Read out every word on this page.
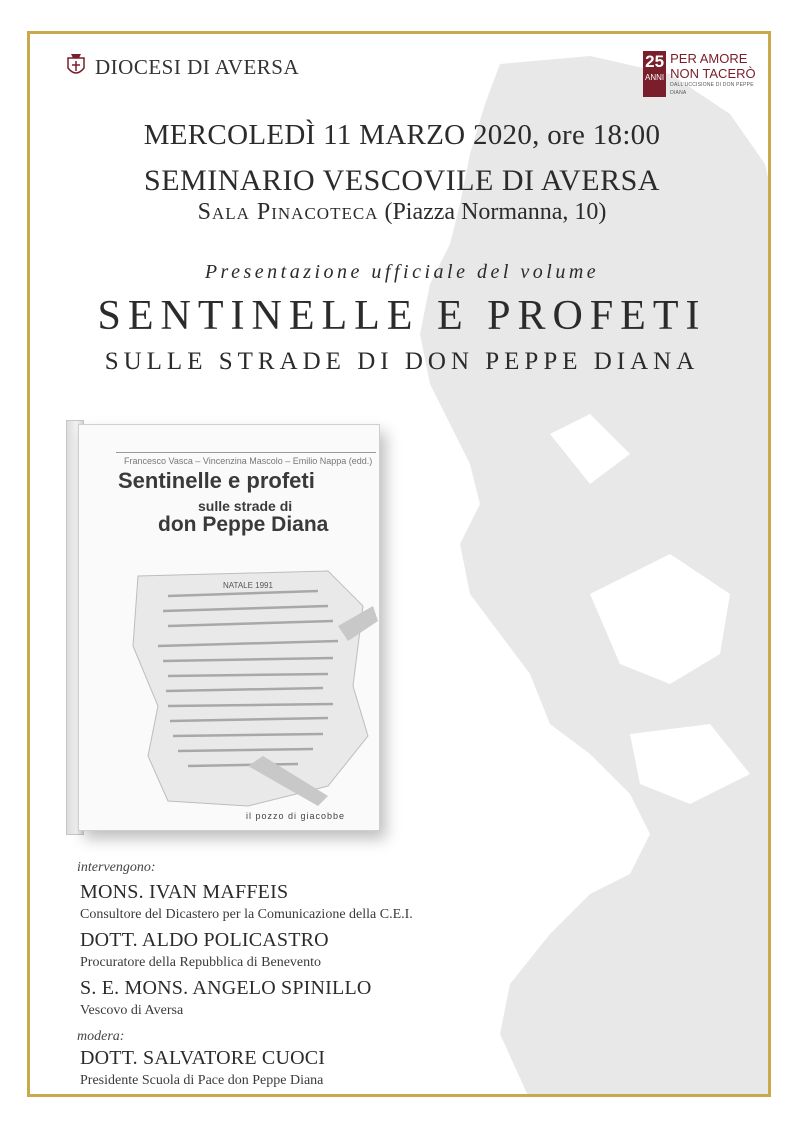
DIOCESI DI AVERSA	25
ANNI
PER AMORE
NON TACERÒ
DALL'UCCISIONE DI DON PEPPE DIANA
MERCOLEDÌ 11 MARZO 2020, ore 18:00
SEMINARIO VESCOVILE DI AVERSA
Sala Pinacoteca (Piazza Normanna, 10)
Presentazione ufficiale del volume
SENTINELLE E PROFETI
SULLE STRADE DI DON PEPPE DIANA
Francesco Vasca – Vincenzina Mascolo – Emilio Nappa (edd.)
Sentinelle e profeti
sulle strade di
don Peppe Diana
NATALE 1991
il pozzo di giacobbe
intervengono:
MONS. IVAN MAFFEIS
Consultore del Dicastero per la Comunicazione della C.E.I.
DOTT. ALDO POLICASTRO
Procuratore della Repubblica di Benevento
S. E. MONS. ANGELO SPINILLO
Vescovo di Aversa
modera:
DOTT. SALVATORE CUOCI
Presidente Scuola di Pace don Peppe Diana
